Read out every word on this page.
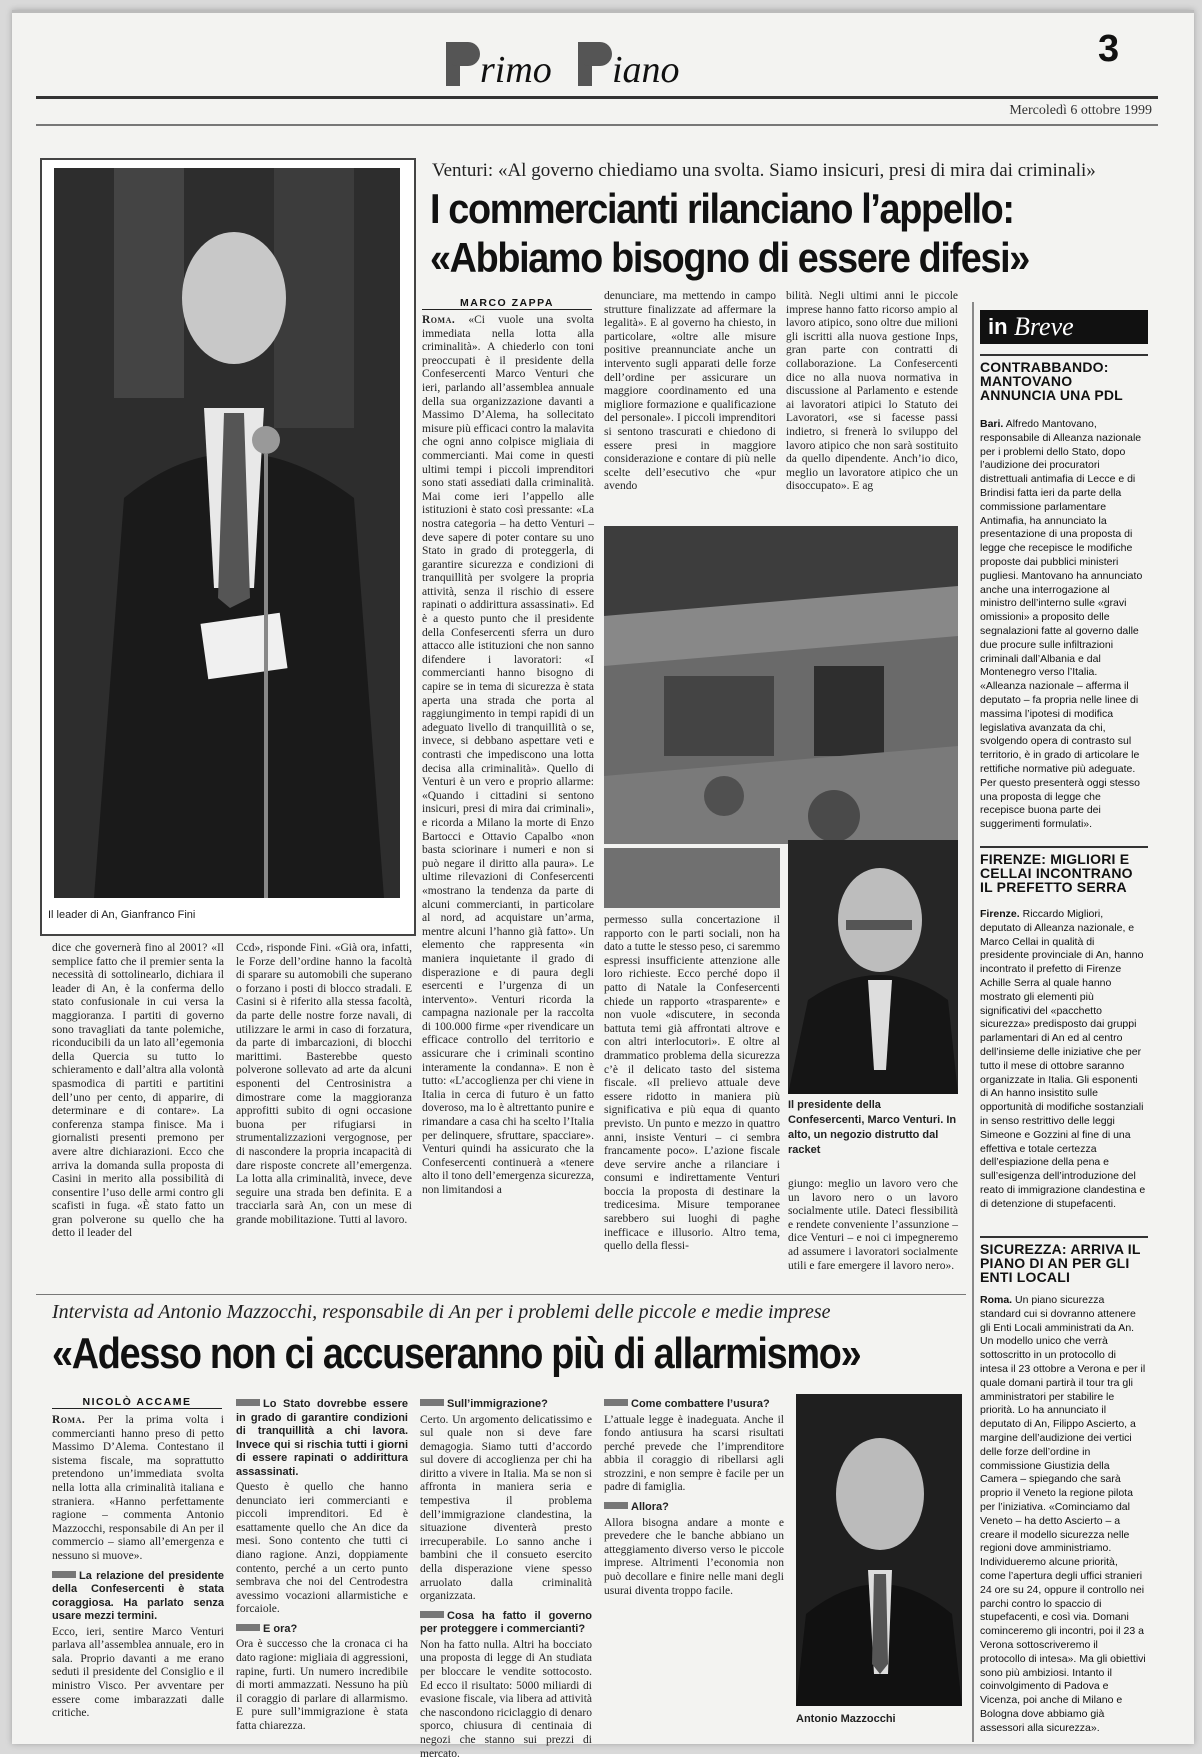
rimo iano	3
Mercoledì 6 ottobre 1999
Il leader di An, Gianfranco Fini
Venturi: «Al governo chiediamo una svolta. Siamo insicuri, presi di mira dai criminali»
I commercianti rilanciano l’appello:
«Abbiamo bisogno di essere difesi»
MARCO ZAPPA

Roma. «Ci vuole una svolta immediata nella lotta alla criminalità». A chiederlo con toni preoccupati è il presidente della Confesercenti Marco Venturi che ieri, parlando all’assemblea annuale della sua organizzazione davanti a Massimo D’Alema, ha sollecitato misure più efficaci contro la malavita che ogni anno colpisce migliaia di commercianti. Mai come in questi ultimi tempi i piccoli imprenditori sono stati assediati dalla criminalità. Mai come ieri l’appello alle istituzioni è stato così pressante: «La nostra categoria – ha detto Venturi – deve sapere di poter contare su uno Stato in grado di proteggerla, di garantire sicurezza e condizioni di tranquillità per svolgere la propria attività, senza il rischio di essere rapinati o addirittura assassinati». Ed è a questo punto che il presidente della Confesercenti sferra un duro attacco alle istituzioni che non sanno difendere i lavoratori: «I commercianti hanno bisogno di capire se in tema di sicurezza è stata aperta una strada che porta al raggiungimento in tempi rapidi di un adeguato livello di tranquillità o se, invece, si debbano aspettare veti e contrasti che impediscono una lotta decisa alla criminalità». Quello di Venturi è un vero e proprio allarme: «Quando i cittadini si sentono insicuri, presi di mira dai criminali», e ricorda a Milano la morte di Enzo Bartocci e Ottavio Capalbo «non basta sciorinare i numeri e non si può negare il diritto alla paura». Le ultime rilevazioni di Confesercenti «mostrano la tendenza da parte di alcuni commercianti, in particolare al nord, ad acquistare un’arma, mentre alcuni l’hanno già fatto». Un elemento che rappresenta «in maniera inquietante il grado di disperazione e di paura degli esercenti e l’urgenza di un intervento». Venturi ricorda la campagna nazionale per la raccolta di 100.000 firme «per rivendicare un efficace controllo del territorio e assicurare che i criminali scontino interamente la condanna». E non è tutto: «L’accoglienza per chi viene in Italia in cerca di futuro è un fatto doveroso, ma lo è altrettanto punire e rimandare a casa chi ha scelto l’Italia per delinquere, sfruttare, spacciare». Venturi quindi ha assicurato che la Confesercenti continuerà a «tenere alto il tono dell’emergenza sicurezza, non limitandosi a

denunciare, ma mettendo in campo strutture finalizzate ad affermare la legalità». E al governo ha chiesto, in particolare, «oltre alle misure positive preannunciate anche un intervento sugli apparati delle forze dell’ordine per assicurare un maggiore coordinamento ed una migliore formazione e qualificazione del personale». I piccoli imprenditori si sentono trascurati e chiedono di essere presi in maggiore considerazione e contare di più nelle scelte dell’esecutivo che «pur avendo

bilità. Negli ultimi anni le piccole imprese hanno fatto ricorso ampio al lavoro atipico, sono oltre due milioni gli iscritti alla nuova gestione Inps, gran parte con contratti di collaborazione. La Confesercenti dice no alla nuova normativa in discussione al Parlamento e estende ai lavoratori atipici lo Statuto dei Lavoratori, «se si facesse passi indietro, si frenerà lo sviluppo del lavoro atipico che non sarà sostituito da quello dipendente. Anch’io dico, meglio un lavoratore atipico che un disoccupato». E ag

permesso sulla concertazione il rapporto con le parti sociali, non ha dato a tutte le stesso peso, ci saremmo espressi insufficiente attenzione alle loro richieste. Ecco perché dopo il patto di Natale la Confesercenti chiede un rapporto «trasparente» e non vuole «discutere, in seconda battuta temi già affrontati altrove e con altri interlocutori». E oltre al drammatico problema della sicurezza c’è il delicato tasto del sistema fiscale. «Il prelievo attuale deve essere ridotto in maniera più significativa e più equa di quanto previsto. Un punto e mezzo in quattro anni, insiste Venturi – ci sembra francamente poco». L’azione fiscale deve servire anche a rilanciare i consumi e indirettamente Venturi boccia la proposta di destinare la tredicesima. Misure temporanee sarebbero sui luoghi di paghe inefficace e illusorio. Altro tema, quello della flessi-

Il presidente della Confesercenti, Marco Venturi. In alto, un negozio distrutto dal racket

giungo: meglio un lavoro vero che un lavoro nero o un lavoro socialmente utile. Dateci flessibilità e rendete conveniente l’assunzione – dice Venturi – e noi ci impegneremo ad assumere i lavoratori socialmente utili e fare emergere il lavoro nero».

dice che governerà fino al 2001? «Il semplice fatto che il premier senta la necessità di sottolinearlo, dichiara il leader di An, è la conferma dello stato confusionale in cui versa la maggioranza. I partiti di governo sono travagliati da tante polemiche, riconducibili da un lato all’egemonia della Quercia su tutto lo schieramento e dall’altra alla volontà spasmodica di partiti e partitini dell’uno per cento, di apparire, di determinare e di contare». La conferenza stampa finisce. Ma i giornalisti presenti premono per avere altre dichiarazioni. Ecco che arriva la domanda sulla proposta di Casini in merito alla possibilità di consentire l’uso delle armi contro gli scafisti in fuga. «È stato fatto un gran polverone su quello che ha detto il leader del

Ccd», risponde Fini. «Già ora, infatti, le Forze dell’ordine hanno la facoltà di sparare su automobili che superano o forzano i posti di blocco stradali. E Casini si è riferito alla stessa facoltà, da parte delle nostre forze navali, di utilizzare le armi in caso di forzatura, da parte di imbarcazioni, di blocchi marittimi. Basterebbe questo polverone sollevato ad arte da alcuni esponenti del Centrosinistra a dimostrare come la maggioranza approfitti subito di ogni occasione buona per rifugiarsi in strumentalizzazioni vergognose, per di nascondere la propria incapacità di dare risposte concrete all’emergenza. La lotta alla criminalità, invece, deve seguire una strada ben definita. E a tracciarla sarà An, con un mese di grande mobilitazione. Tutti al lavoro.

in Breve
CONTRABBANDO: MANTOVANO ANNUNCIA UNA PDL
Bari. Alfredo Mantovano, responsabile di Alleanza nazionale per i problemi dello Stato, dopo l’audizione dei procuratori distrettuali antimafia di Lecce e di Brindisi fatta ieri da parte della commissione parlamentare Antimafia, ha annunciato la presentazione di una proposta di legge che recepisce le modifiche proposte dai pubblici ministeri pugliesi. Mantovano ha annunciato anche una interrogazione al ministro dell’interno sulle «gravi omissioni» a proposito delle segnalazioni fatte al governo dalle due procure sulle infiltrazioni criminali dall’Albania e dal Montenegro verso l’Italia. «Alleanza nazionale – afferma il deputato – fa propria nelle linee di massima l’ipotesi di modifica legislativa avanzata da chi, svolgendo opera di contrasto sul territorio, è in grado di articolare le rettifiche normative più adeguate. Per questo presenterà oggi stesso una proposta di legge che recepisce buona parte dei suggerimenti formulati».
FIRENZE: MIGLIORI E CELLAI INCONTRANO IL PREFETTO SERRA
Firenze. Riccardo Migliori, deputato di Alleanza nazionale, e Marco Cellai in qualità di presidente provinciale di An, hanno incontrato il prefetto di Firenze Achille Serra al quale hanno mostrato gli elementi più significativi del «pacchetto sicurezza» predisposto dai gruppi parlamentari di An ed al centro dell’insieme delle iniziative che per tutto il mese di ottobre saranno organizzate in Italia. Gli esponenti di An hanno insistito sulle opportunità di modifiche sostanziali in senso restrittivo delle leggi Simeone e Gozzini al fine di una effettiva e totale certezza dell’espiazione della pena e sull’esigenza dell’introduzione del reato di immigrazione clandestina e di detenzione di stupefacenti.
SICUREZZA: ARRIVA IL PIANO DI AN PER GLI ENTI LOCALI
Roma. Un piano sicurezza standard cui si dovranno attenere gli Enti Locali amministrati da An. Un modello unico che verrà sottoscritto in un protocollo di intesa il 23 ottobre a Verona e per il quale domani partirà il tour tra gli amministratori per stabilire le priorità. Lo ha annunciato il deputato di An, Filippo Ascierto, a margine dell’audizione dei vertici delle forze dell’ordine in commissione Giustizia della Camera – spiegando che sarà proprio il Veneto la regione pilota per l’iniziativa. «Cominciamo dal Veneto – ha detto Ascierto – a creare il modello sicurezza nelle regioni dove amministriamo. Individueremo alcune priorità, come l’apertura degli uffici stranieri 24 ore su 24, oppure il controllo nei parchi contro lo spaccio di stupefacenti, e così via. Domani cominceremo gli incontri, poi il 23 a Verona sottoscriveremo il protocollo di intesa». Ma gli obiettivi sono più ambiziosi. Intanto il coinvolgimento di Padova e Vicenza, poi anche di Milano e Bologna dove abbiamo già assessori alla sicurezza».
Intervista ad Antonio Mazzocchi, responsabile di An per i problemi delle piccole e medie imprese
«Adesso non ci accuseranno più di allarmismo»
NICOLÒ ACCAME

Roma. Per la prima volta i commercianti hanno preso di petto Massimo D’Alema. Contestano il sistema fiscale, ma soprattutto pretendono un’immediata svolta nella lotta alla criminalità italiana e straniera. «Hanno perfettamente ragione – commenta Antonio Mazzocchi, responsabile di An per il commercio – siamo all’emergenza e nessuno si muove».

La relazione del presidente della Confesercenti è stata coraggiosa. Ha parlato senza usare mezzi termini.

Ecco, ieri, sentire Marco Venturi parlava all’assemblea annuale, ero in sala. Proprio davanti a me erano seduti il presidente del Consiglio e il ministro Visco. Per avventare per essere come imbarazzati dalle critiche.

Lo Stato dovrebbe essere in grado di garantire condizioni di tranquillità a chi lavora. Invece qui si rischia tutti i giorni di essere rapinati o addirittura assassinati.

Questo è quello che hanno denunciato ieri commercianti e piccoli imprenditori. Ed è esattamente quello che An dice da mesi. Sono contento che tutti ci diano ragione. Anzi, doppiamente contento, perché a un certo punto sembrava che noi del Centrodestra avessimo vocazioni allarmistiche e forcaiole.

E ora?

Ora è successo che la cronaca ci ha dato ragione: migliaia di aggressioni, rapine, furti. Un numero incredibile di morti ammazzati. Nessuno ha più il coraggio di parlare di allarmismo. E pure sull’immigrazione è stata fatta chiarezza.

Sull’immigrazione?

Certo. Un argomento delicatissimo e sul quale non si deve fare demagogia. Siamo tutti d’accordo sul dovere di accoglienza per chi ha diritto a vivere in Italia. Ma se non si affronta in maniera seria e tempestiva il problema dell’immigrazione clandestina, la situazione diventerà presto irrecuperabile. Lo sanno anche i bambini che il consueto esercito della disperazione viene spesso arruolato dalla criminalità organizzata.

Cosa ha fatto il governo per proteggere i commercianti?

Non ha fatto nulla. Altri ha bocciato una proposta di legge di An studiata per bloccare le vendite sottocosto. Ed ecco il risultato: 5000 miliardi di evasione fiscale, via libera ad attività che nascondono riciclaggio di denaro sporco, chiusura di centinaia di negozi che stanno sui prezzi di mercato.

Come combattere l’usura?

L’attuale legge è inadeguata. Anche il fondo antiusura ha scarsi risultati perché prevede che l’imprenditore abbia il coraggio di ribellarsi agli strozzini, e non sempre è facile per un padre di famiglia.

Allora?

Allora bisogna andare a monte e prevedere che le banche abbiano un atteggiamento diverso verso le piccole imprese. Altrimenti l’economia non può decollare e finire nelle mani degli usurai diventa troppo facile.

Antonio Mazzocchi
